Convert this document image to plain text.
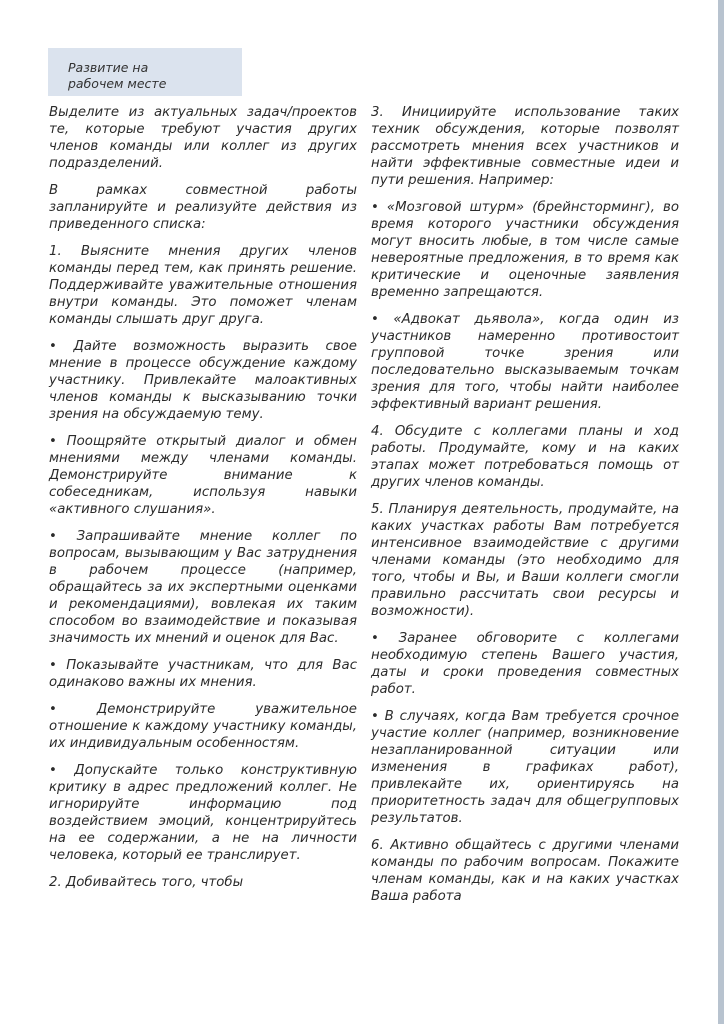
Развитие на
рабочем месте

Выделите из актуальных задач/проектов те, которые требуют участия других членов команды или коллег из других подразделений.

В рамках совместной работы запланируйте и реализуйте действия из приведенного списка:

1. Выясните мнения других членов команды перед тем, как принять решение. Поддерживайте уважительные отношения внутри команды. Это поможет членам команды слышать друг друга.

• Дайте возможность выразить свое мнение в процессе обсуждение каждому участнику. Привлекайте малоактивных членов команды к высказыванию точки зрения на обсуждаемую тему.

• Поощряйте открытый диалог и обмен мнениями между членами команды. Демонстрируйте внимание к собеседникам, используя навыки «активного слушания».

• Запрашивайте мнение коллег по вопросам, вызывающим у Вас затруднения в рабочем процессе (например, обращайтесь за их экспертными оценками и рекомендациями), вовлекая их таким способом во взаимодействие и показывая значимость их мнений и оценок для Вас.

• Показывайте участникам, что для Вас одинаково важны их мнения.

• Демонстрируйте уважительное отношение к каждому участнику команды, их индивидуальным особенностям.

• Допускайте только конструктивную критику в адрес предложений коллег. Не игнорируйте информацию под воздействием эмоций, концентрируйтесь на ее содержании, а не на личности человека, который ее транслирует.

2. Добивайтесь того, чтобы

3. Инициируйте использование таких техник обсуждения, которые позволят рассмотреть мнения всех участников и найти эффективные совместные идеи и пути решения. Например:

• «Мозговой штурм» (брейнсторминг), во время которого участники обсуждения могут вносить любые, в том числе самые невероятные предложения, в то время как критические и оценочные заявления временно запрещаются.

• «Адвокат дьявола», когда один из участников намеренно противостоит групповой точке зрения или последовательно высказываемым точкам зрения для того, чтобы найти наиболее эффективный вариант решения.

4. Обсудите с коллегами планы и ход работы. Продумайте, кому и на каких этапах может потребоваться помощь от других членов команды.

5. Планируя деятельность, продумайте, на каких участках работы Вам потребуется интенсивное взаимодействие с другими членами команды (это необходимо для того, чтобы и Вы, и Ваши коллеги смогли правильно рассчитать свои ресурсы и возможности).

• Заранее обговорите с коллегами необходимую степень Вашего участия, даты и сроки проведения совместных работ.

• В случаях, когда Вам требуется срочное участие коллег (например, возникновение незапланированной ситуации или изменения в графиках работ), привлекайте их, ориентируясь на приоритетность задач для общегрупповых результатов.

6. Активно общайтесь с другими членами команды по рабочим вопросам. Покажите членам команды, как и на каких участках Ваша работа
